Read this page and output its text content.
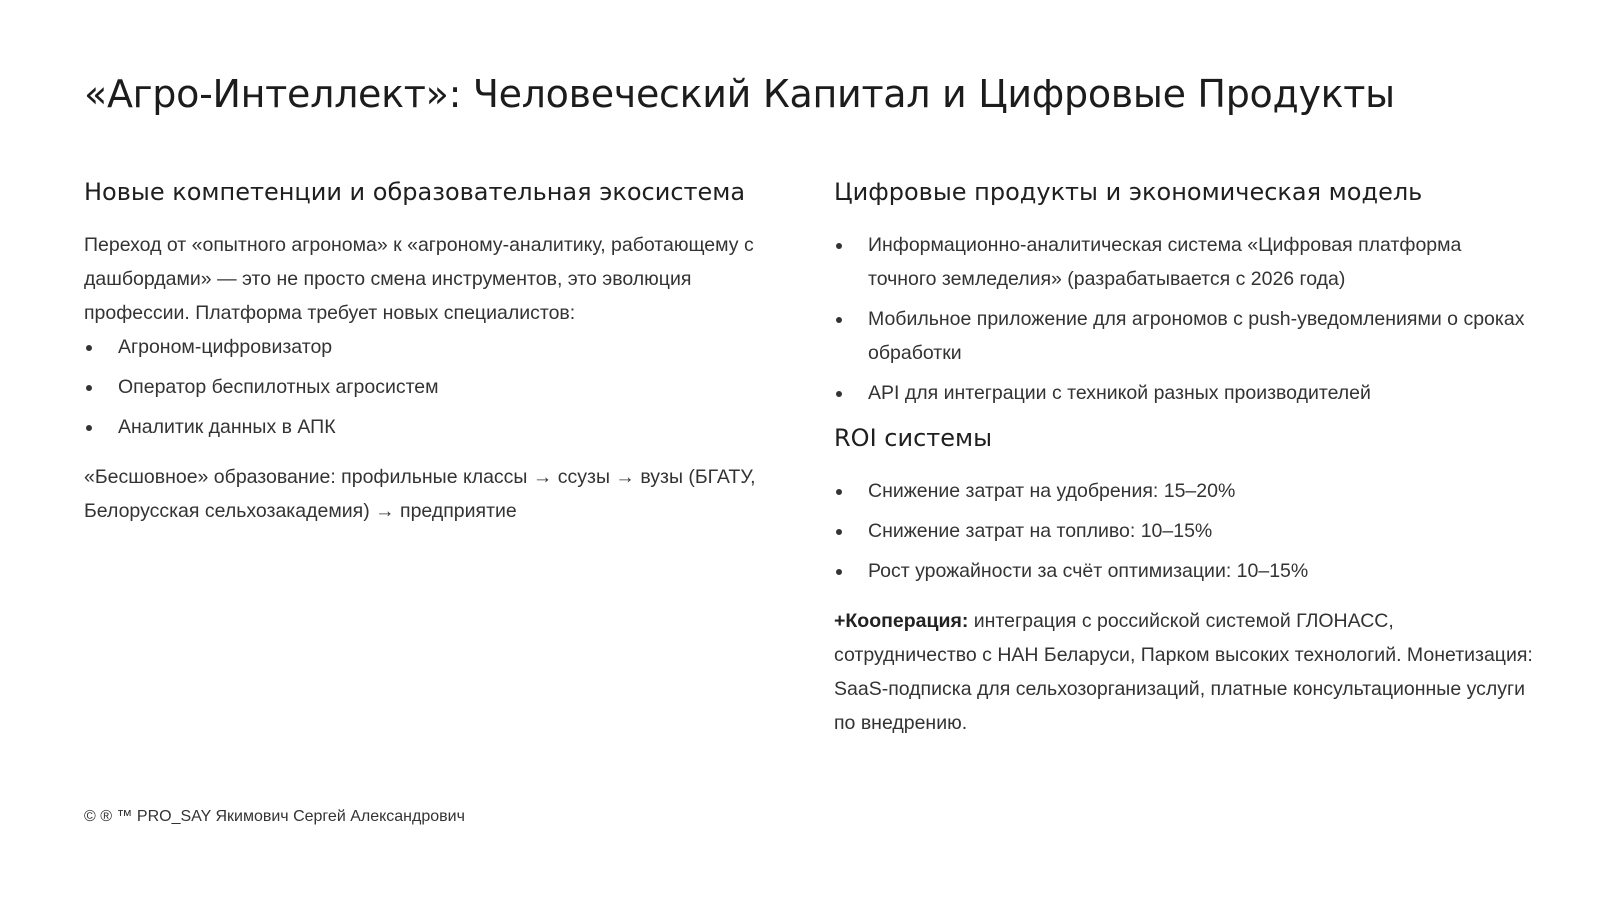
«Агро-Интеллект»: Человеческий Капитал и Цифровые Продукты
Новые компетенции и образовательная экосистема

Переход от «опытного агронома» к «агроному-аналитику, работающему с дашбордами» — это не просто смена инструментов, это эволюция профессии. Платформа требует новых специалистов:

Агроном-цифровизатор
Оператор беспилотных агросистем
Аналитик данных в АПК

«Бесшовное» образование: профильные классы → ссузы → вузы (БГАТУ, Белорусская сельхозакадемия) → предприятие

Цифровые продукты и экономическая модель
Информационно-аналитическая система «Цифровая платформа точного земледелия» (разрабатывается с 2026 года)
Мобильное приложение для агрономов с push-уведомлениями о сроках обработки
API для интеграции с техникой разных производителей
ROI системы
Снижение затрат на удобрения: 15–20%
Снижение затрат на топливо: 10–15%
Рост урожайности за счёт оптимизации: 10–15%

+Кооперация: интеграция с российской системой ГЛОНАСС, сотрудничество с НАН Беларуси, Парком высоких технологий. Монетизация: SaaS-подписка для сельхозорганизаций, платные консультационные услуги по внедрению.

© ® ™ PRO_SAY Якимович Сергей Александрович
